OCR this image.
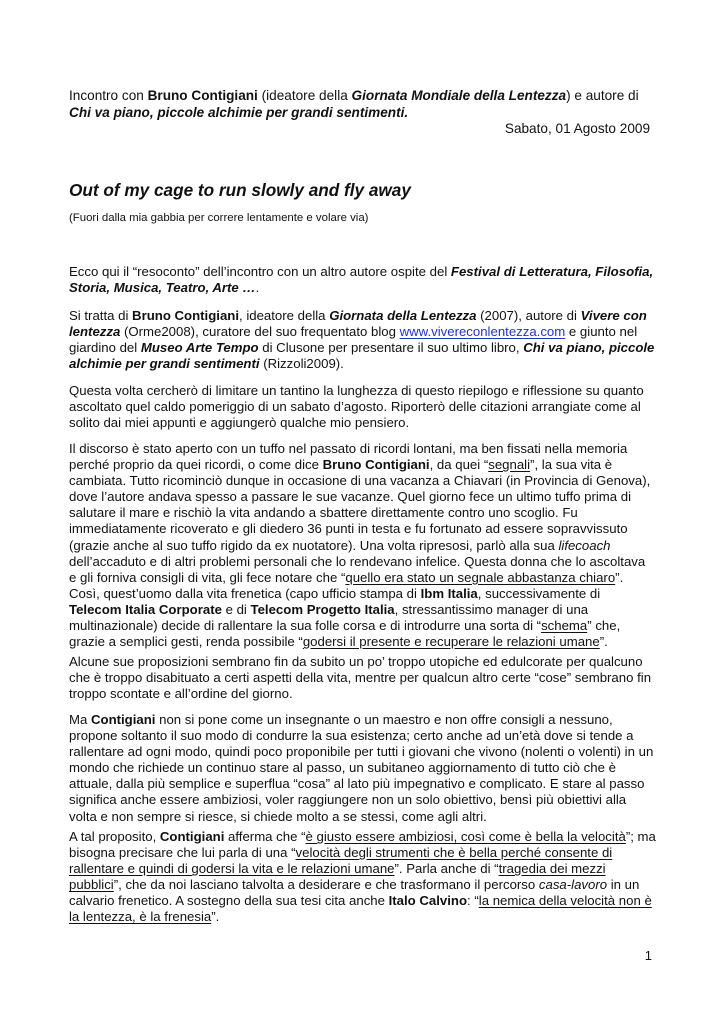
Incontro con Bruno Contigiani (ideatore della Giornata Mondiale della Lentezza) e autore di Chi va piano, piccole alchimie per grandi sentimenti.

Sabato, 01 Agosto 2009
Out of my cage to run slowly and fly away

(Fuori dalla mia gabbia per correre lentamente e volare via)

Ecco qui il “resoconto” dell’incontro con un altro autore ospite del Festival di Letteratura, Filosofia, Storia, Musica, Teatro, Arte ….

Si tratta di Bruno Contigiani, ideatore della Giornata della Lentezza (2007), autore di Vivere con lentezza (Orme2008), curatore del suo frequentato blog www.vivereconlentezza.com e giunto nel giardino del Museo Arte Tempo di Clusone per presentare il suo ultimo libro, Chi va piano, piccole alchimie per grandi sentimenti (Rizzoli2009).

Questa volta cercherò di limitare un tantino la lunghezza di questo riepilogo e riflessione su quanto ascoltato quel caldo pomeriggio di un sabato d’agosto. Riporterò delle citazioni arrangiate come al solito dai miei appunti e aggiungerò qualche mio pensiero.

Il discorso è stato aperto con un tuffo nel passato di ricordi lontani, ma ben fissati nella memoria perché proprio da quei ricordi, o come dice Bruno Contigiani, da quei “segnali”, la sua vita è cambiata. Tutto ricominciò dunque in occasione di una vacanza a Chiavari (in Provincia di Genova), dove l’autore andava spesso a passare le sue vacanze. Quel giorno fece un ultimo tuffo prima di salutare il mare e rischiò la vita andando a sbattere direttamente contro uno scoglio. Fu immediatamente ricoverato e gli diedero 36 punti in testa e fu fortunato ad essere sopravvissuto (grazie anche al suo tuffo rigido da ex nuotatore). Una volta ripresosi, parlò alla sua lifecoach dell’accaduto e di altri problemi personali che lo rendevano infelice. Questa donna che lo ascoltava e gli forniva consigli di vita, gli fece notare che “quello era stato un segnale abbastanza chiaro”. Così, quest’uomo dalla vita frenetica (capo ufficio stampa di Ibm Italia, successivamente di Telecom Italia Corporate e di Telecom Progetto Italia, stressantissimo manager di una multinazionale) decide di rallentare la sua folle corsa e di introdurre una sorta di “schema” che, grazie a semplici gesti, renda possibile “godersi il presente e recuperare le relazioni umane”.

Alcune sue proposizioni sembrano fin da subito un po’ troppo utopiche ed edulcorate per qualcuno che è troppo disabituato a certi aspetti della vita, mentre per qualcun altro certe “cose” sembrano fin troppo scontate e all’ordine del giorno.

Ma Contigiani non si pone come un insegnante o un maestro e non offre consigli a nessuno, propone soltanto il suo modo di condurre la sua esistenza; certo anche ad un’età dove si tende a rallentare ad ogni modo, quindi poco proponibile per tutti i giovani che vivono (nolenti o volenti) in un mondo che richiede un continuo stare al passo, un subitaneo aggiornamento di tutto ciò che è attuale, dalla più semplice e superflua “cosa” al lato più impegnativo e complicato. E stare al passo significa anche essere ambiziosi, voler raggiungere non un solo obiettivo, bensì più obiettivi alla volta e non sempre si riesce, si chiede molto a se stessi, come agli altri.

A tal proposito, Contigiani afferma che “è giusto essere ambiziosi, così come è bella la velocità”; ma bisogna precisare che lui parla di una “velocità degli strumenti che è bella perché consente di rallentare e quindi di godersi la vita e le relazioni umane”. Parla anche di “tragedia dei mezzi pubblici”, che da noi lasciano talvolta a desiderare e che trasformano il percorso casa-lavoro in un calvario frenetico. A sostegno della sua tesi cita anche Italo Calvino: “la nemica della velocità non è la lentezza, è la frenesia”.

1
